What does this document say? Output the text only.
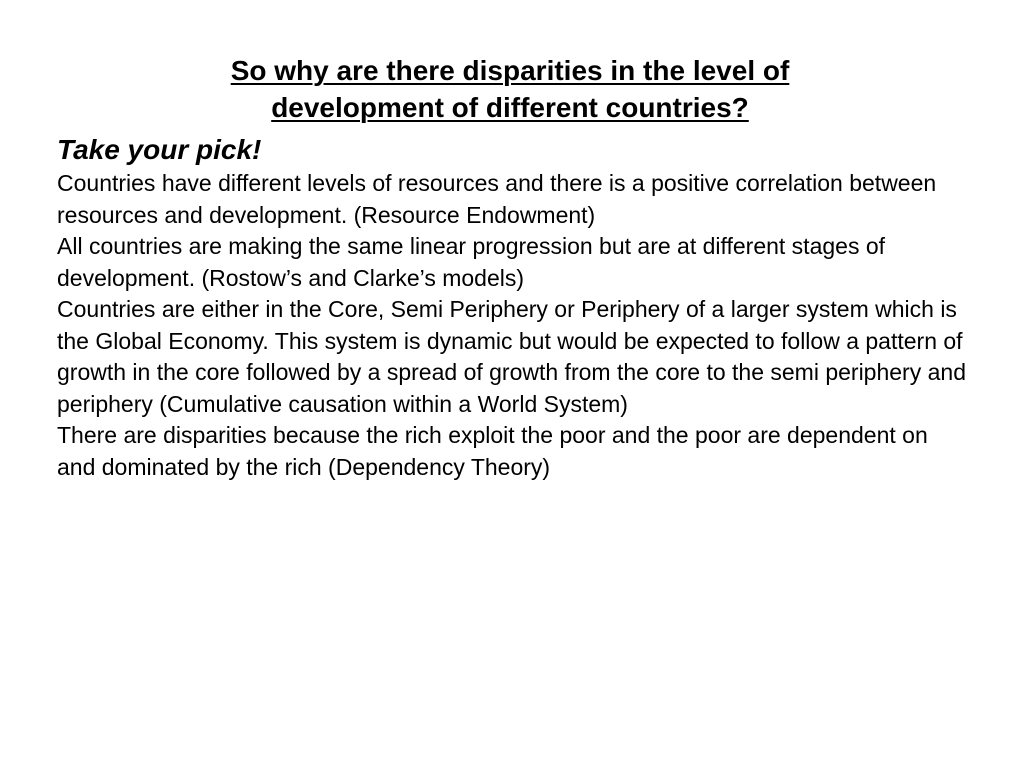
So why are there disparities in the level of
development of different countries?

Take your pick!

Countries have different levels of resources and there is a positive correlation between resources and development. (Resource Endowment)

All countries are making the same linear progression but are at different stages of development. (Rostow’s and Clarke’s models)

Countries are either in the Core, Semi Periphery or Periphery of a larger system which is the Global Economy. This system is dynamic but would be expected to follow a pattern of growth in the core followed by a spread of growth from the core to the semi periphery and periphery (Cumulative causation within a World System)

There are disparities because the rich exploit the poor and the poor are dependent on and dominated by the rich (Dependency Theory)
